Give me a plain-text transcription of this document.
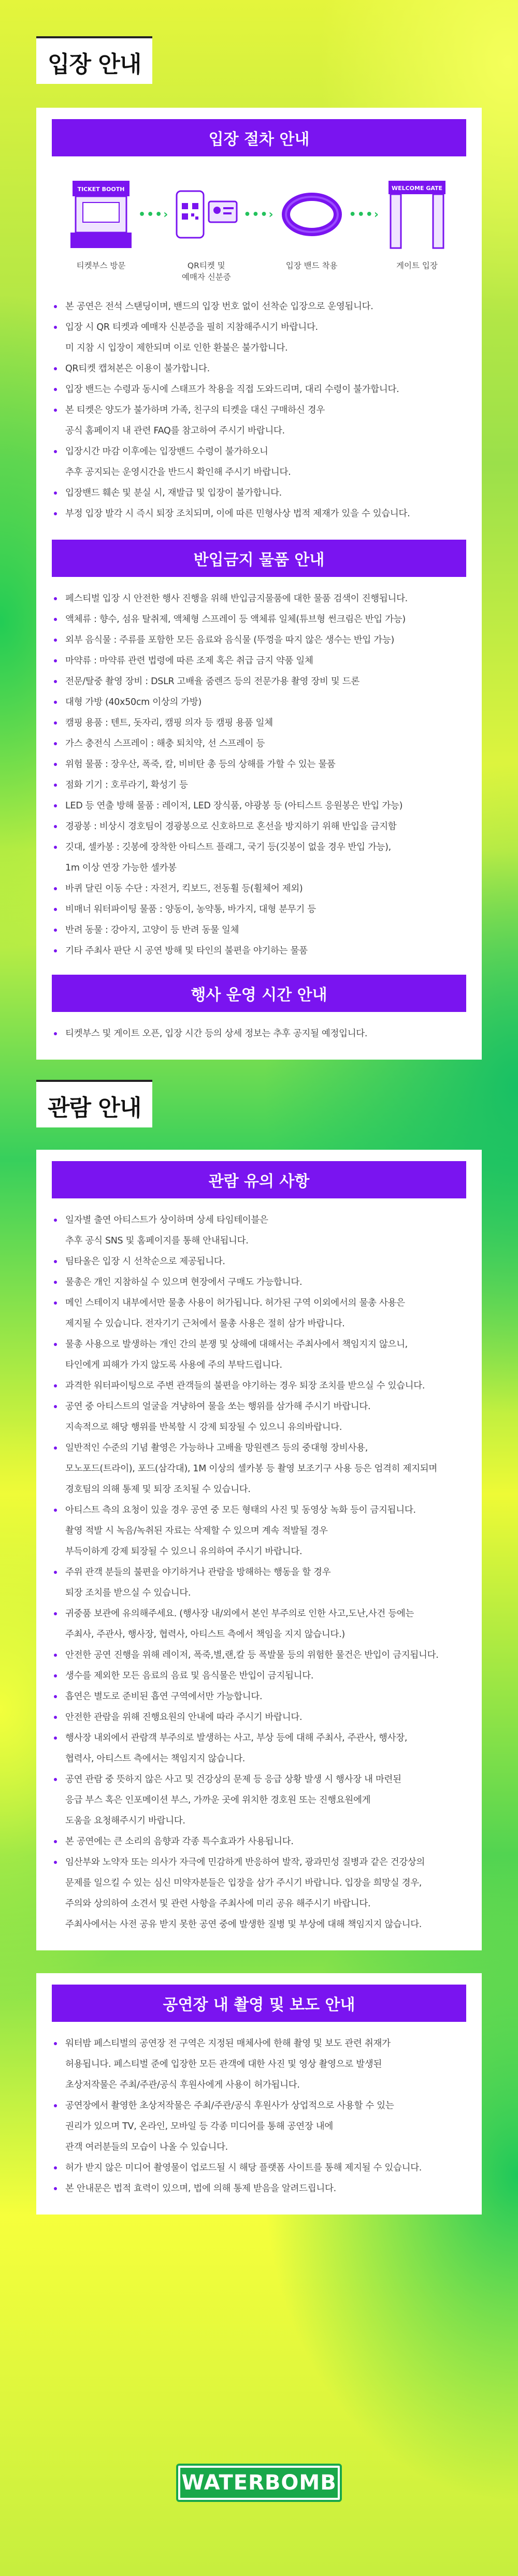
입장 안내
입장 절차 안내
TICKET BOOTH
티켓부스 방문
•••›
QR티켓 및
예매자 신분증
•••›
입장 밴드 착용
•••›
WELCOME GATE
게이트 입장
본 공연은 전석 스탠딩이며, 밴드의 입장 번호 없이 선착순 입장으로 운영됩니다.
입장 시 QR 티켓과 예매자 신분증을 필히 지참해주시기 바랍니다.
미 지참 시 입장이 제한되며 이로 인한 환불은 불가합니다.
QR티켓 캡쳐본은 이용이 불가합니다.
입장 밴드는 수령과 동시에 스태프가 착용을 직접 도와드리며, 대리 수령이 불가합니다.
본 티켓은 양도가 불가하며 가족, 친구의 티켓을 대신 구매하신 경우
공식 홈페이지 내 관련 FAQ를 참고하여 주시기 바랍니다.
입장시간 마감 이후에는 입장밴드 수령이 불가하오니
추후 공지되는 운영시간을 반드시 확인해 주시기 바랍니다.
입장밴드 훼손 및 분실 시, 재발급 및 입장이 불가합니다.
부정 입장 발각 시 즉시 퇴장 조치되며, 이에 따른 민형사상 법적 제재가 있을 수 있습니다.
반입금지 물품 안내
페스티벌 입장 시 안전한 행사 진행을 위해 반입금지물품에 대한 물품 검색이 진행됩니다.
액체류 : 향수, 섬유 탈취제, 액체형 스프레이 등 액체류 일체(튜브형 썬크림은 반입 가능)
외부 음식물 : 주류를 포함한 모든 음료와 음식물 (뚜껑을 따지 않은 생수는 반입 가능)
마약류 : 마약류 관련 법령에 따른 조제 혹은 취급 금지 약품 일체
전문/탈중 촬영 장비 : DSLR 고배율 줌렌즈 등의 전문가용 촬영 장비 및 드론
대형 가방 (40x50cm 이상의 가방)
캠핑 용품 : 텐트, 돗자리, 캠핑 의자 등 캠핑 용품 일체
가스 충전식 스프레이 : 해충 퇴치약, 선 스프레이 등
위험 물품 : 장우산, 폭죽, 칼, 비비탄 총 등의 상해를 가할 수 있는 물품
점화 기기 : 호루라기, 확성기 등
LED 등 연출 방해 물품 : 레이저, LED 장식품, 야광봉 등 (아티스트 응원봉은 반입 가능)
경광봉 : 비상시 경호팀이 경광봉으로 신호하므로 혼선을 방지하기 위해 반입을 금지함
깃대, 셀카봉 : 깃봉에 장착한 아티스트 플래그, 국기 등(깃봉이 없을 경우 반입 가능),
1m 이상 연장 가능한 셀카봉
바퀴 달린 이동 수단 : 자전거, 킥보드, 전동휠 등(휠체어 제외)
비매너 워터파이팅 물품 : 양동이, 농약통, 바가지, 대형 분무기 등
반려 동물 : 강아지, 고양이 등 반려 동물 일체
기타 주최사 판단 시 공연 방해 및 타인의 불편을 야기하는 물품
행사 운영 시간 안내
티켓부스 및 게이트 오픈, 입장 시간 등의 상세 정보는 추후 공지될 예정입니다.
관람 안내
관람 유의 사항
일자별 출연 아티스트가 상이하며 상세 타임테이블은
추후 공식 SNS 및 홈페이지를 통해 안내됩니다.
팀타올은 입장 시 선착순으로 제공됩니다.
물총은 개인 지참하실 수 있으며 현장에서 구매도 가능합니다.
메인 스테이지 내부에서만 물총 사용이 허가됩니다. 허가된 구역 이외에서의 물총 사용은
제지될 수 있습니다. 전자기기 근처에서 물총 사용은 절히 삼가 바랍니다.
물총 사용으로 발생하는 개인 간의 분쟁 및 상해에 대해서는 주최사에서 책임지지 않으니,
타인에게 피해가 가지 않도록 사용에 주의 부탁드립니다.
과격한 워터파이팅으로 주변 관객들의 불편을 야기하는 경우 퇴장 조치를 받으실 수 있습니다.
공연 중 아티스트의 얼굴을 겨냥하여 물을 쏘는 행위를 삼가해 주시기 바랍니다.
지속적으로 해당 행위를 반복할 시 강제 퇴장될 수 있으니 유의바랍니다.
일반적인 수준의 기념 촬영은 가능하나 고배율 망원렌즈 등의 중대형 장비사용,
모노포드(트라이), 포드(삼각대), 1M 이상의 셀카봉 등 촬영 보조기구 사용 등은 엄격히 제지되며
경호팀의 의해 통제 및 퇴장 조치될 수 있습니다.
아티스트 측의 요청이 있을 경우 공연 중 모든 형태의 사진 및 동영상 녹화 등이 금지됩니다.
촬영 적발 시 녹음/녹취된 자료는 삭제할 수 있으며 계속 적발될 경우
부득이하게 강제 퇴장될 수 있으니 유의하여 주시기 바랍니다.
주위 관객 분들의 불편을 야기하거나 관람을 방해하는 행동을 할 경우
퇴장 조치를 받으실 수 있습니다.
귀중품 보관에 유의해주세요. (행사장 내/외에서 본인 부주의로 인한 사고,도난,사건 등에는
주최사, 주관사, 행사장, 협력사, 아티스트 측에서 책임을 지지 않습니다.)
안전한 공연 진행을 위해 레이저, 폭죽,별,랜,칼 등 폭발물 등의 위험한 물건은 반입이 금지됩니다.
생수를 제외한 모든 음료의 음료 및 음식물은 반입이 금지됩니다.
흡연은 별도로 준비된 흡연 구역에서만 가능합니다.
안전한 관람을 위해 진행요원의 안내에 따라 주시기 바랍니다.
행사장 내외에서 관람객 부주의로 발생하는 사고, 부상 등에 대해 주최사, 주관사, 행사장,
협력사, 아티스트 측에서는 책임지지 않습니다.
공연 관람 중 뜻하지 않은 사고 및 건강상의 문제 등 응급 상황 발생 시 행사장 내 마련된
응급 부스 혹은 인포메이션 부스, 가까운 곳에 위치한 경호원 또는 진행요원에게
도움을 요청해주시기 바랍니다.
본 공연에는 큰 소리의 음향과 각종 특수효과가 사용됩니다.
임산부와 노약자 또는 의사가 자극에 민감하게 반응하여 발작, 광과민성 질병과 같은 건강상의
문제를 일으킬 수 있는 심신 미약자분들은 입장을 삼가 주시기 바랍니다. 입장을 희망실 경우,
주의와 상의하여 소견서 및 관련 사항을 주최사에 미리 공유 해주시기 바랍니다.
주최사에서는 사전 공유 받지 못한 공연 중에 발생한 질병 및 부상에 대해 책임지지 않습니다.
공연장 내 촬영 및 보도 안내
워터밤 페스티벌의 공연장 전 구역은 지정된 매체사에 한해 촬영 및 보도 관련 취재가
허용됩니다. 페스티벌 준에 입장한 모든 관객에 대한 사진 및 영상 촬영으로 발생된
초상저작물은 주최/주관/공식 후원사에게 사용이 허가됩니다.
공연장에서 촬영한 초상저작물은 주최/주관/공식 후원사가 상업적으로 사용할 수 있는
권리가 있으며 TV, 온라인, 모바일 등 각종 미디어를 통해 공연장 내에
관객 여러분들의 모습이 나올 수 있습니다.
허가 받지 않은 미디어 촬영물이 업로드될 시 해당 플랫폼 사이트를 통해 제지될 수 있습니다.
본 안내문은 법적 효력이 있으며, 법에 의해 통제 받음을 알려드립니다.
WATERBOMB
